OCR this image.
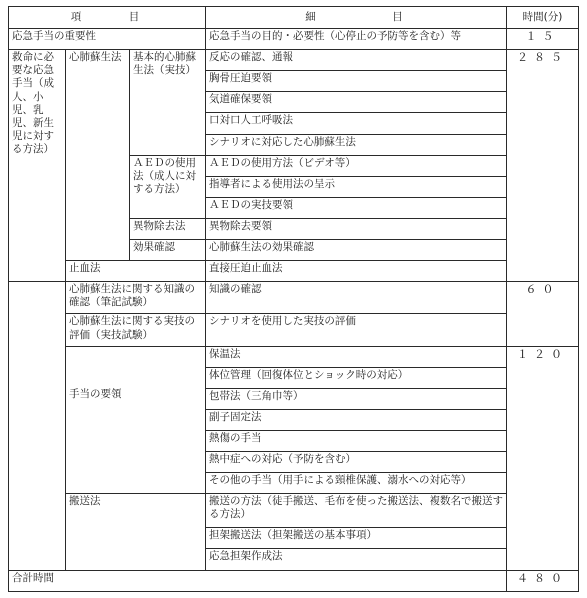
項　　　目			細　　　　　目	時間(分)
応急手当の重要性			応急手当の目的・必要性（心停止の予防等を含む）等	１５
救命に必要な応急手当（成人、小児、乳児、新生児に対する方法）	心肺蘇生法	基本的心肺蘇生法（実技）	反応の確認、通報	２８５
			胸骨圧迫要領	
			気道確保要領	
			口対口人工呼吸法	
			シナリオに対応した心肺蘇生法	
		ＡＥＤの使用法（成人に対する方法）	ＡＥＤの使用方法（ビデオ等）	
			指導者による使用法の呈示	
			ＡＥＤの実技要領	
		異物除去法	異物除去要領	
		効果確認	心肺蘇生法の効果確認	
	止血法		直接圧迫止血法	
	心肺蘇生法に関する知識の確認（筆記試験）		知識の確認	６０
	心肺蘇生法に関する実技の評価（実技試験）		シナリオを使用した実技の評価	
			保温法	１２０
			体位管理（回復体位とショック時の対応）	
	手当の要領		包帯法（三角巾等）	
			副子固定法	
			熱傷の手当	
			熱中症への対応（予防を含む）	
			その他の手当（用手による頸椎保護、溺水への対応等）	
	搬送法		搬送の方法（徒手搬送、毛布を使った搬送法、複数名で搬送する方法）	
			担架搬送法（担架搬送の基本事項）	
			応急担架作成法	
合計時間				４８０
